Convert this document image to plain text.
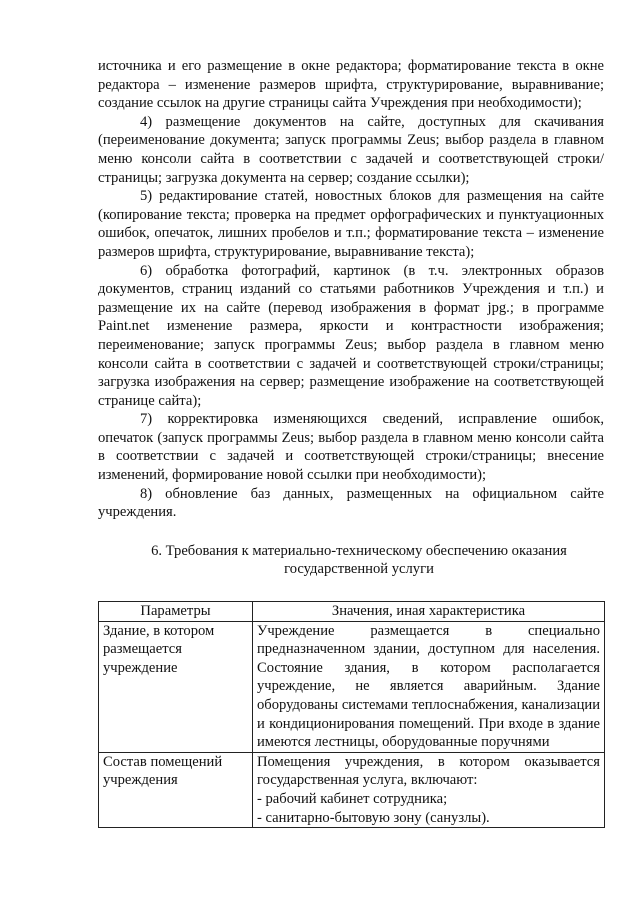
источника и его размещение в окне редактора; форматирование текста в окне редактора – изменение размеров шрифта, структурирование, выравнивание; создание ссылок на другие страницы сайта Учреждения при необходимости);

4) размещение документов на сайте, доступных для скачивания (переименование документа; запуск программы Zeus; выбор раздела в главном меню консоли сайта в соответствии с задачей и соответствующей строки/страницы; загрузка документа на сервер; создание ссылки);

5) редактирование статей, новостных блоков для размещения на сайте (копирование текста; проверка на предмет орфографических и пунктуационных ошибок, опечаток, лишних пробелов и т.п.; форматирование текста – изменение размеров шрифта, структурирование, выравнивание текста);

6) обработка фотографий, картинок (в т.ч. электронных образов документов, страниц изданий со статьями работников Учреждения и т.п.) и размещение их на сайте (перевод изображения в формат jpg.; в программе Paint.net изменение размера, яркости и контрастности изображения; переименование; запуск программы Zeus; выбор раздела в главном меню консоли сайта в соответствии с задачей и соответствующей строки/страницы; загрузка изображения на сервер; размещение изображение на соответствующей странице сайта);

7) корректировка изменяющихся сведений, исправление ошибок, опечаток (запуск программы Zeus; выбор раздела в главном меню консоли сайта в соответствии с задачей и соответствующей строки/страницы; внесение изменений, формирование новой ссылки при необходимости);

8) обновление баз данных, размещенных на официальном сайте учреждения.

6. Требования к материально-техническому обеспечению оказания государственной услуги

Параметры	Значения, иная характеристика
Здание, в котором размещается учреждение	Учреждение размещается в специально предназначенном здании, доступном для населения. Состояние здания, в котором располагается учреждение, не является аварийным. Здание оборудованы системами теплоснабжения, канализации и кондиционирования помещений. При входе в здание имеются лестницы, оборудованные поручнями

Состав помещений учреждения	Помещения учреждения, в котором оказывается государственная услуга, включают:
- рабочий кабинет сотрудника;
- санитарно-бытовую зону (санузлы).
